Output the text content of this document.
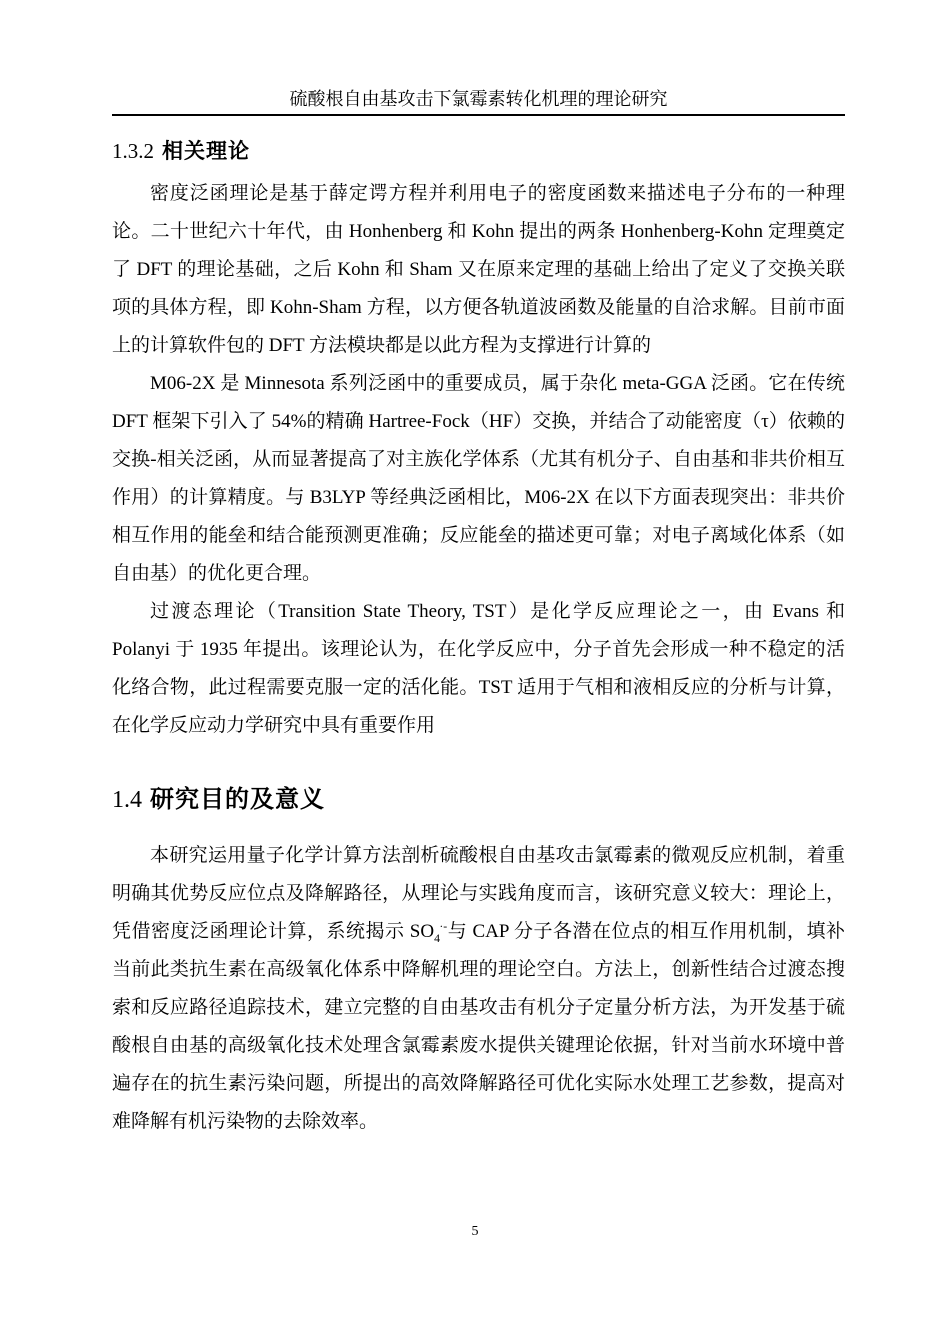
硫酸根自由基攻击下氯霉素转化机理的理论研究
1.3.2 相关理论

密度泛函理论是基于薛定谔方程并利用电子的密度函数来描述电子分布的一种理论。二十世纪六十年代，由 Honhenberg 和 Kohn 提出的两条 Honhenberg-Kohn 定理奠定了 DFT 的理论基础，之后 Kohn 和 Sham 又在原来定理的基础上给出了定义了交换关联项的具体方程，即 Kohn-Sham 方程，以方便各轨道波函数及能量的自洽求解。目前市面上的计算软件包的 DFT 方法模块都是以此方程为支撑进行计算的

M06-2X 是 Minnesota 系列泛函中的重要成员，属于杂化 meta-GGA 泛函。它在传统 DFT 框架下引入了 54%的精确 Hartree-Fock（HF）交换，并结合了动能密度（τ）依赖的交换-相关泛函，从而显著提高了对主族化学体系（尤其有机分子、自由基和非共价相互作用）的计算精度。与 B3LYP 等经典泛函相比，M06-2X 在以下方面表现突出：非共价相互作用的能垒和结合能预测更准确；反应能垒的描述更可靠；对电子离域化体系（如自由基）的优化更合理。

过渡态理论（Transition State Theory, TST）是化学反应理论之一，由 Evans 和 Polanyi 于 1935 年提出。该理论认为，在化学反应中，分子首先会形成一种不稳定的活化络合物，此过程需要克服一定的活化能。TST 适用于气相和液相反应的分析与计算，在化学反应动力学研究中具有重要作用

1.4 研究目的及意义

本研究运用量子化学计算方法剖析硫酸根自由基攻击氯霉素的微观反应机制，着重明确其优势反应位点及降解路径，从理论与实践角度而言，该研究意义较大：理论上，凭借密度泛函理论计算，系统揭示 $SO_4^{\cdot-}$与 CAP 分子各潜在位点的相互作用机制，填补当前此类抗生素在高级氧化体系中降解机理的理论空白。方法上，创新性结合过渡态搜索和反应路径追踪技术，建立完整的自由基攻击有机分子定量分析方法，为开发基于硫酸根自由基的高级氧化技术处理含氯霉素废水提供关键理论依据，针对当前水环境中普遍存在的抗生素污染问题，所提出的高效降解路径可优化实际水处理工艺参数，提高对难降解有机污染物的去除效率。

5
